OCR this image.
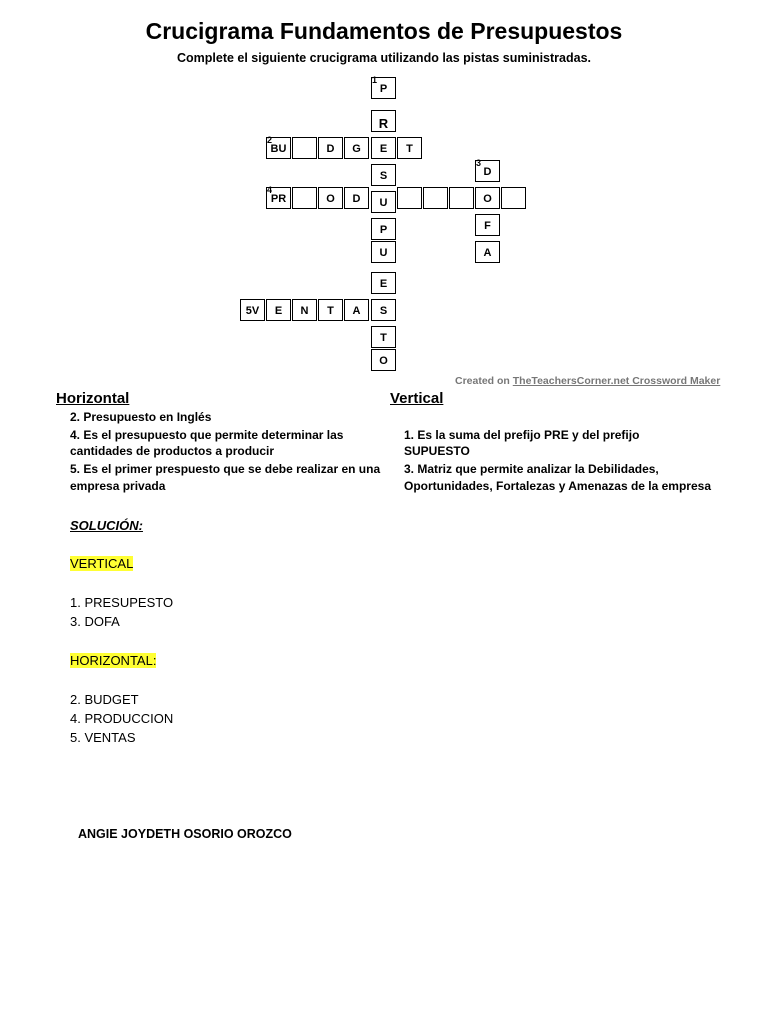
Crucigrama Fundamentos de Presupuestos
Complete el siguiente crucigrama utilizando las pistas suministradas.
1
P
R
E
S
U
P
U
E
S
T
O
2
BU	D	G	T
4
PR	O	D
3
D
O
F
A
5V	E	N	T	A
Created on TheTeachersCorner.net Crossword Maker
Horizontal	Vertical
2. Presupuesto en Inglés
4. Es el presupuesto que permite determinar las
cantidades de productos a producir
5. Es el primer prespuesto que se debe realizar en una
empresa privada
1. Es la suma del prefijo PRE y del prefijo
SUPUESTO
3. Matriz que permite analizar la Debilidades,
Oportunidades, Fortalezas y Amenazas de la empresa
SOLUCIÓN:
VERTICAL
1. PRESUPESTO
3. DOFA
HORIZONTAL:
2. BUDGET
4. PRODUCCION
5. VENTAS
ANGIE JOYDETH OSORIO OROZCO
